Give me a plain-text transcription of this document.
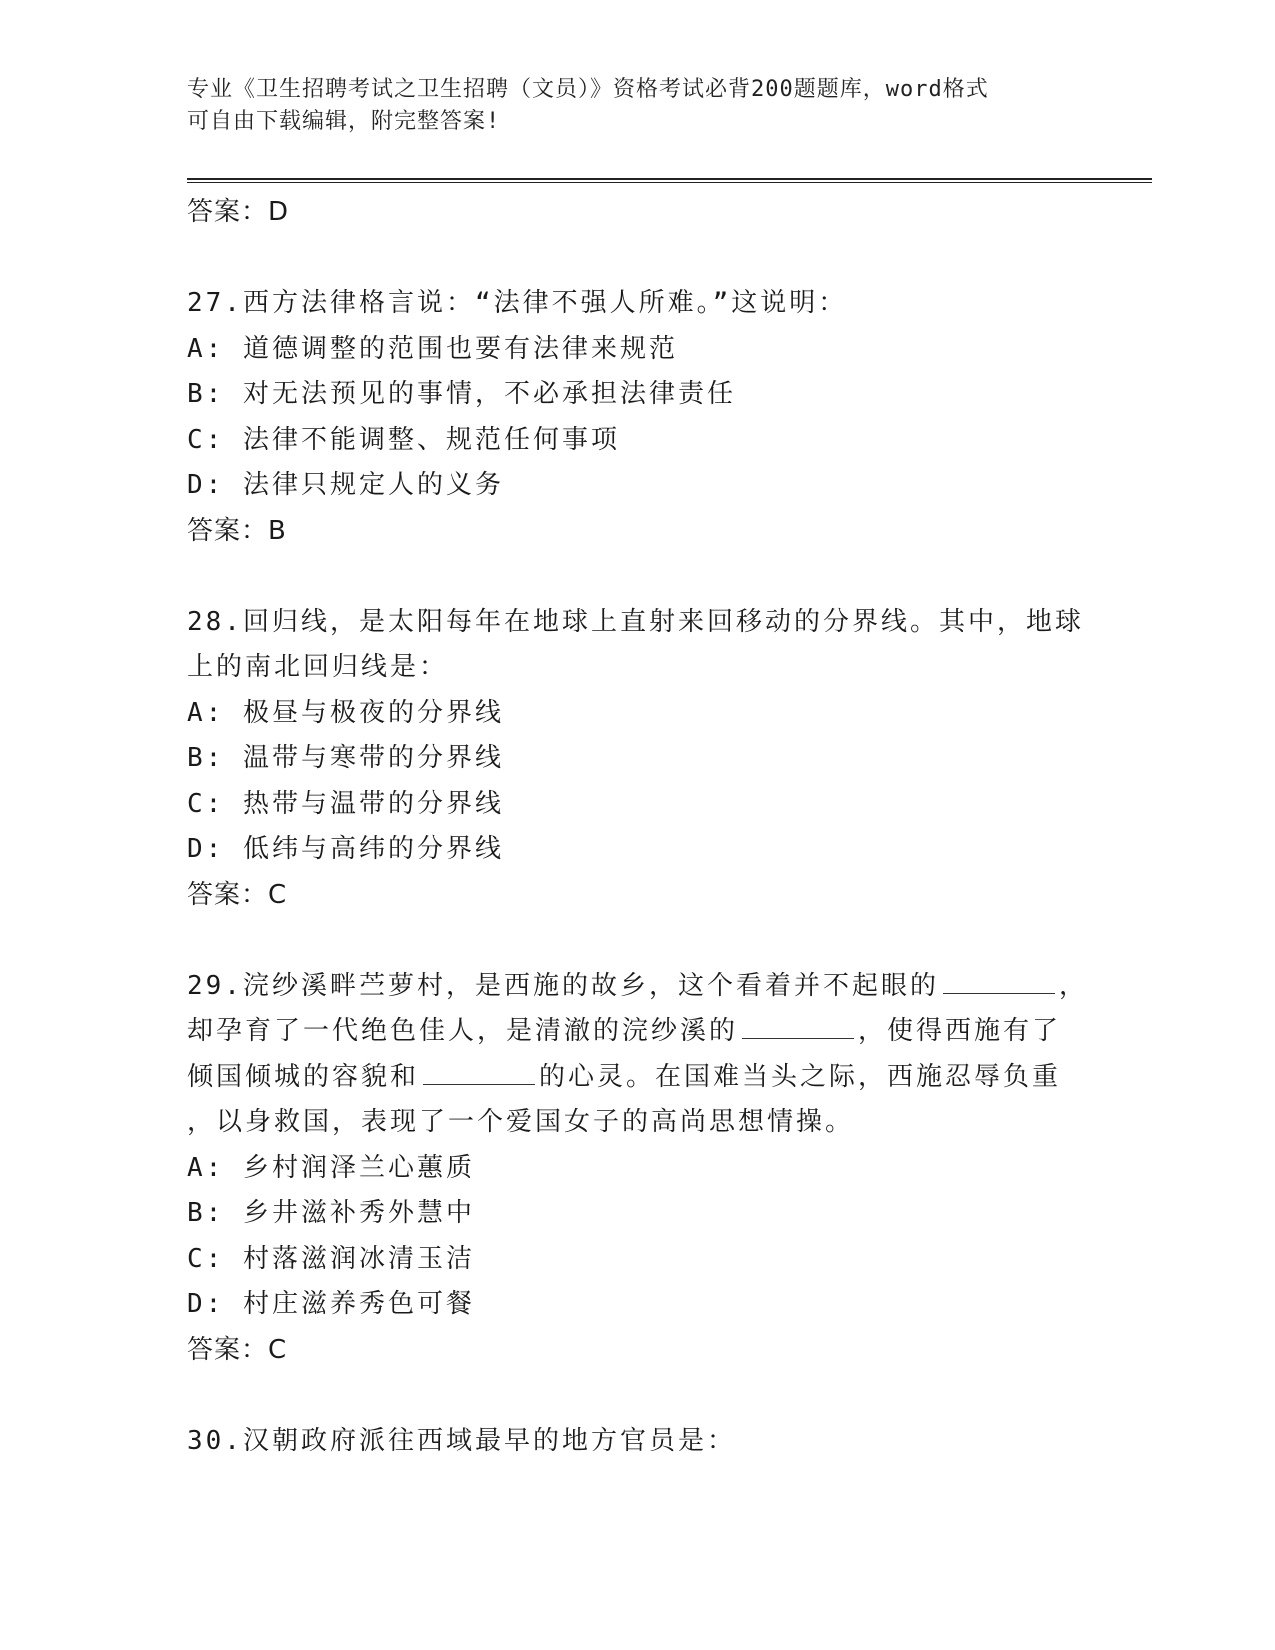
专业《卫生招聘考试之卫生招聘（文员）》资格考试必背200题题库，word格式
可自由下载编辑，附完整答案!
答案：D
27.西方法律格言说：“法律不强人所难。”这说明：
A: 道德调整的范围也要有法律来规范
B: 对无法预见的事情，不必承担法律责任
C: 法律不能调整、规范任何事项
D: 法律只规定人的义务
答案：B
28.回归线，是太阳每年在地球上直射来回移动的分界线。其中，地球
上的南北回归线是：
A: 极昼与极夜的分界线
B: 温带与寒带的分界线
C: 热带与温带的分界线
D: 低纬与高纬的分界线
答案：C
29.浣纱溪畔苎萝村，是西施的故乡，这个看着并不起眼的	，
却孕育了一代绝色佳人，是清澈的浣纱溪的	，使得西施有了
倾国倾城的容貌和	的心灵。在国难当头之际，西施忍辱负重
，以身救国，表现了一个爱国女子的高尚思想情操。
A: 乡村润泽兰心蕙质
B: 乡井滋补秀外慧中
C: 村落滋润冰清玉洁
D: 村庄滋养秀色可餐
答案：C
30.汉朝政府派往西域最早的地方官员是：
